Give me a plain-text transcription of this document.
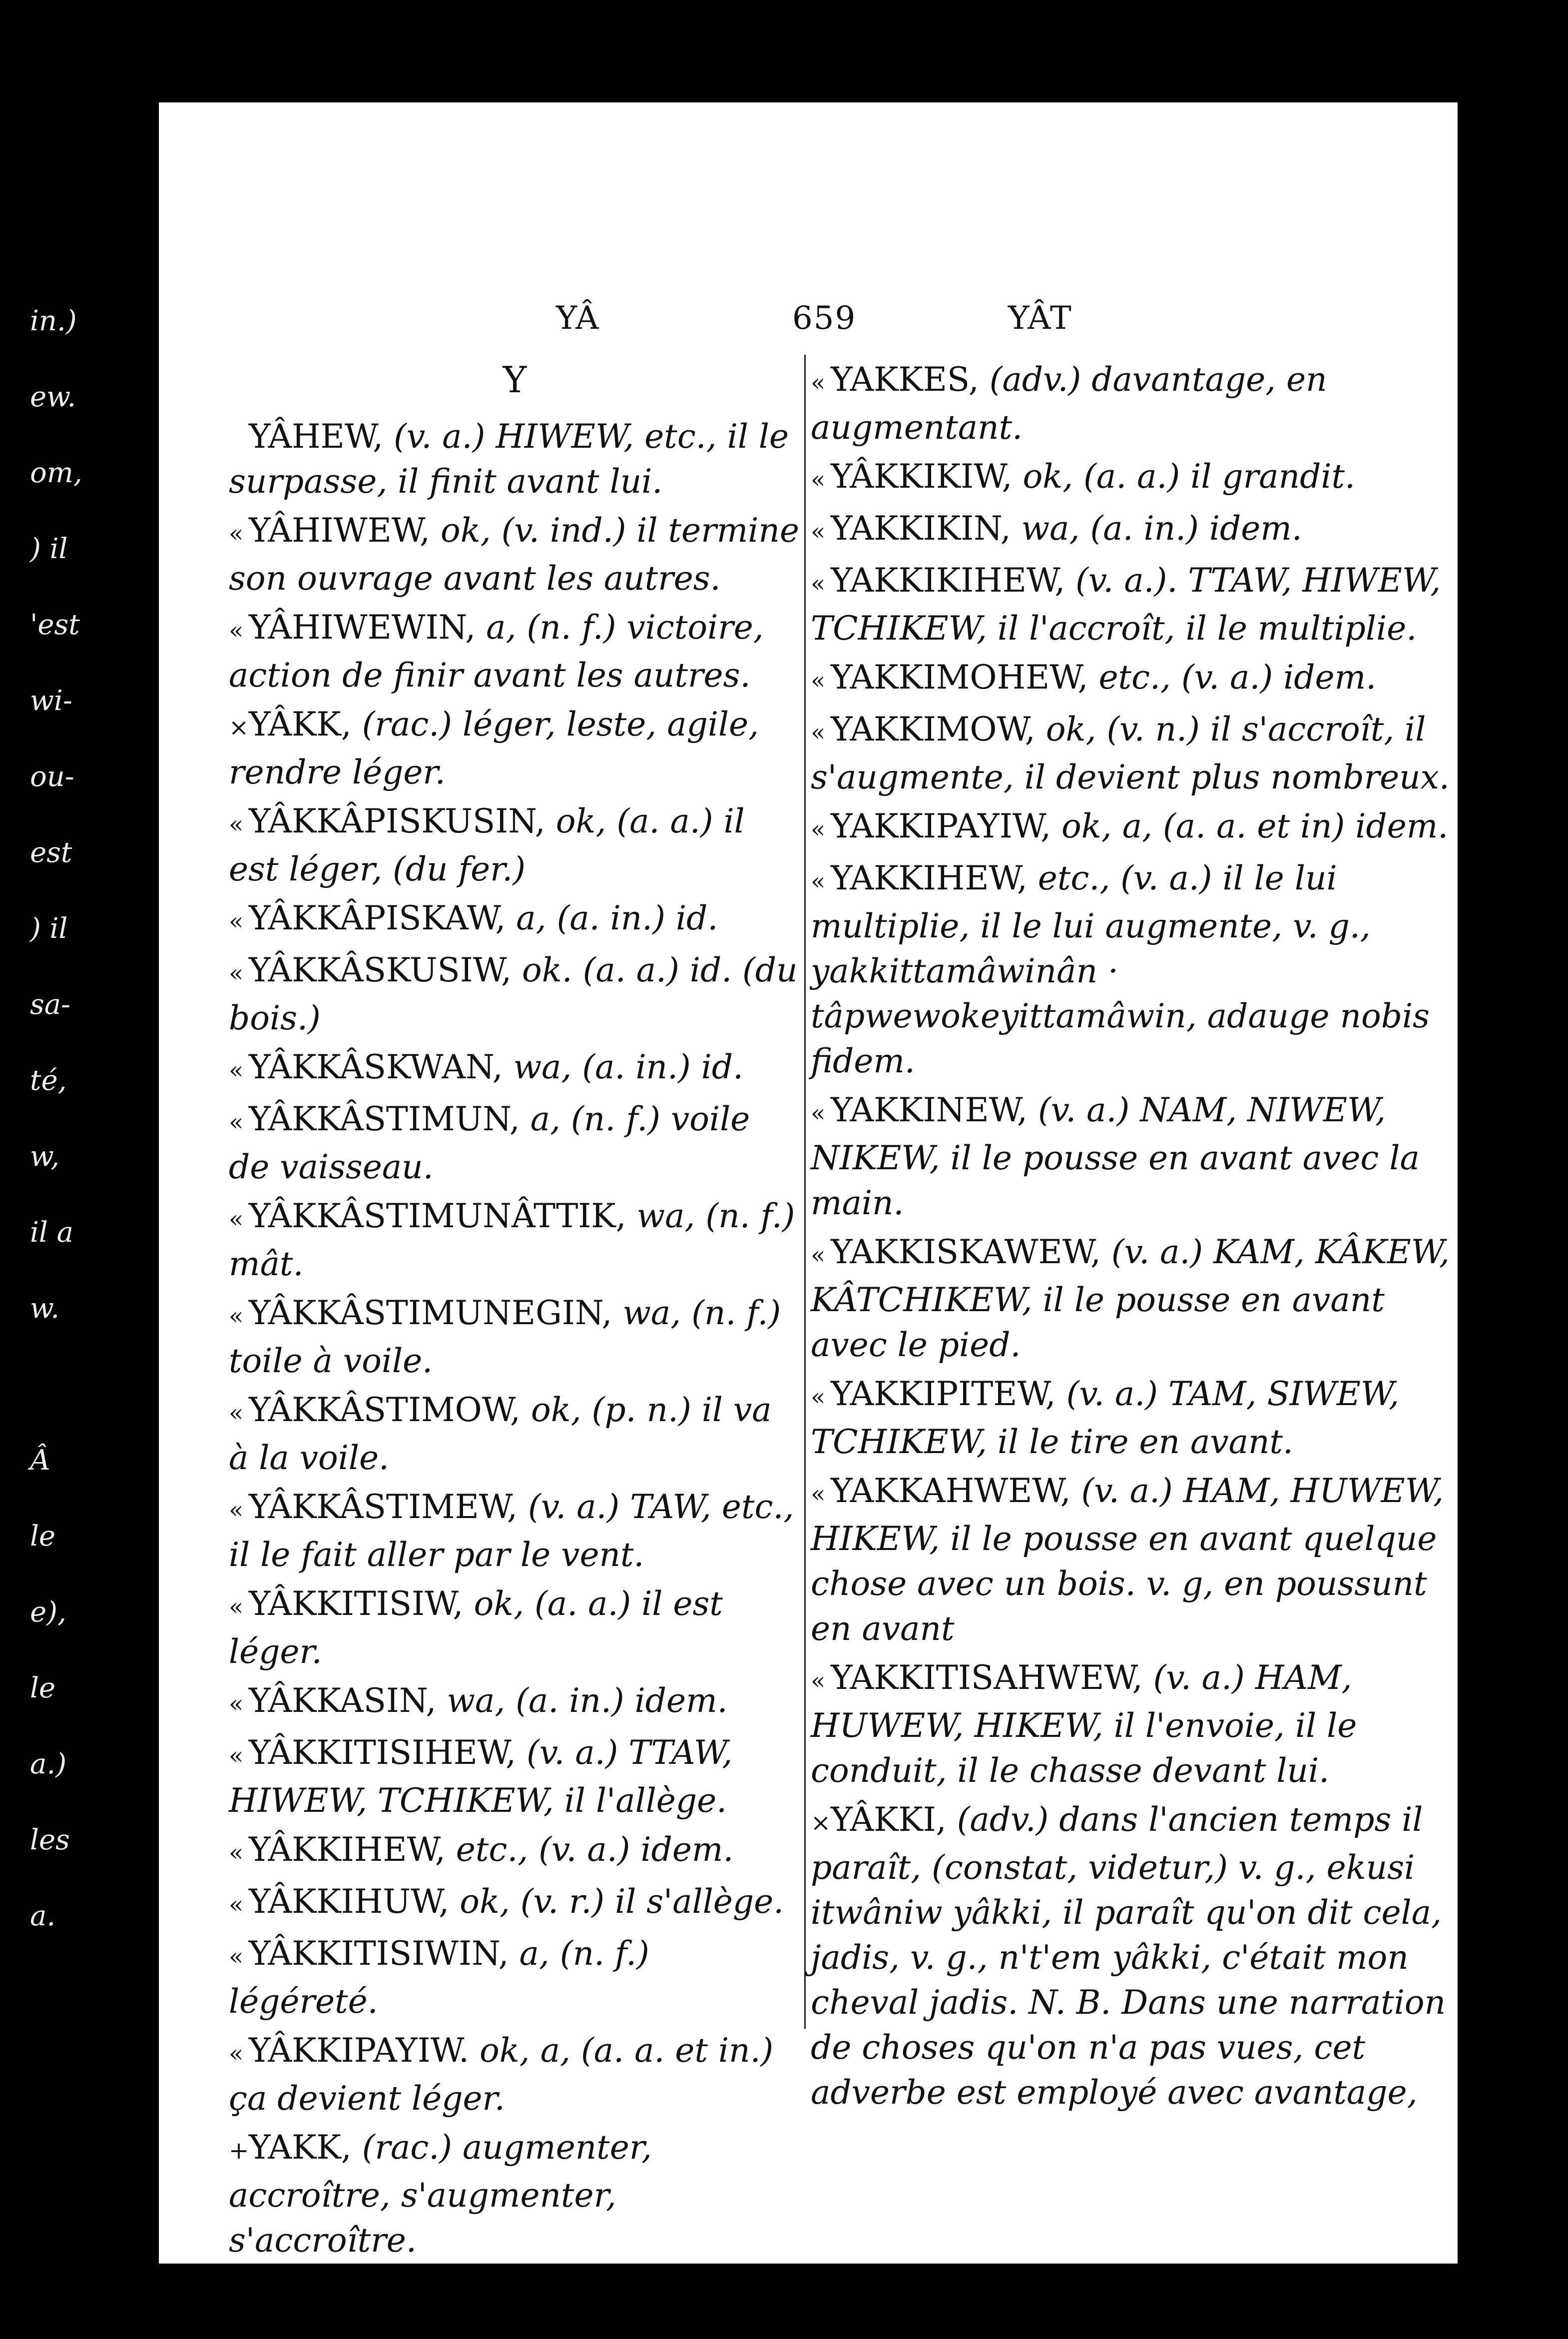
in.)
ew.
om,
) il
'est
wi-
ou-
est
) il
sa-
té,
w,
il a
w.
Â
le
e),
le
a.)
les
a.
YÂ	659	YÂT
Y
YÂHEW, (v. a.) HIWEW, etc., il le surpasse, il finit avant lui.
« YÂHIWEW, ok, (v. ind.) il termine son ouvrage avant les autres.
« YÂHIWEWIN, a, (n. f.) victoire, action de finir avant les autres.
×YÂKK, (rac.) léger, leste, agile, rendre léger.
« YÂKKÂPISKUSIN, ok, (a. a.) il est léger, (du fer.)
« YÂKKÂPISKAW, a, (a. in.) id.
« YÂKKÂSKUSIW, ok. (a. a.) id. (du bois.)
« YÂKKÂSKWAN, wa, (a. in.) id.
« YÂKKÂSTIMUN, a, (n. f.) voile de vaisseau.
« YÂKKÂSTIMUNÂTTIK, wa, (n. f.) mât.
« YÂKKÂSTIMUNEGIN, wa, (n. f.) toile à voile.
« YÂKKÂSTIMOW, ok, (p. n.) il va à la voile.
« YÂKKÂSTIMEW, (v. a.) TAW, etc., il le fait aller par le vent.
« YÂKKITISIW, ok, (a. a.) il est léger.
« YÂKKASIN, wa, (a. in.) idem.
« YÂKKITISIHEW, (v. a.) TTAW, HIWEW, TCHIKEW, il l'allège.
« YÂKKIHEW, etc., (v. a.) idem.
« YÂKKIHUW, ok, (v. r.) il s'allège.
« YÂKKITISIWIN, a, (n. f.) légéreté.
« YÂKKIPAYIW. ok, a, (a. a. et in.) ça devient léger.
+YAKK, (rac.) augmenter, accroître, s'augmenter, s'accroître.
« YAKKES, (adv.) davantage, en augmentant.
« YÂKKIKIW, ok, (a. a.) il grandit.
« YAKKIKIN, wa, (a. in.) idem.
« YAKKIKIHEW, (v. a.). TTAW, HIWEW, TCHIKEW, il l'accroît, il le multiplie.
« YAKKIMOHEW, etc., (v. a.) idem.
« YAKKIMOW, ok, (v. n.) il s'accroît, il s'augmente, il devient plus nombreux.
« YAKKIPAYIW, ok, a, (a. a. et in) idem.
« YAKKIHEW, etc., (v. a.) il le lui multiplie, il le lui augmente, v. g., yakkittamâwinân · tâpwewokeyittamâwin, adauge nobis fidem.
« YAKKINEW, (v. a.) NAM, NIWEW, NIKEW, il le pousse en avant avec la main.
« YAKKISKAWEW, (v. a.) KAM, KÂKEW, KÂTCHIKEW, il le pousse en avant avec le pied.
« YAKKIPITEW, (v. a.) TAM, SIWEW, TCHIKEW, il le tire en avant.
« YAKKAHWEW, (v. a.) HAM, HUWEW, HIKEW, il le pousse en avant quelque chose avec un bois. v. g, en poussunt en avant
« YAKKITISAHWEW, (v. a.) HAM, HUWEW, HIKEW, il l'envoie, il le conduit, il le chasse devant lui.
×YÂKKI, (adv.) dans l'ancien temps il paraît, (constat, videtur,) v. g., ekusi itwâniw yâkki, il paraît qu'on dit cela, jadis, v. g., n't'em yâkki, c'était mon cheval jadis. N. B. Dans une narration de choses qu'on n'a pas vues, cet adverbe est employé avec avantage,
